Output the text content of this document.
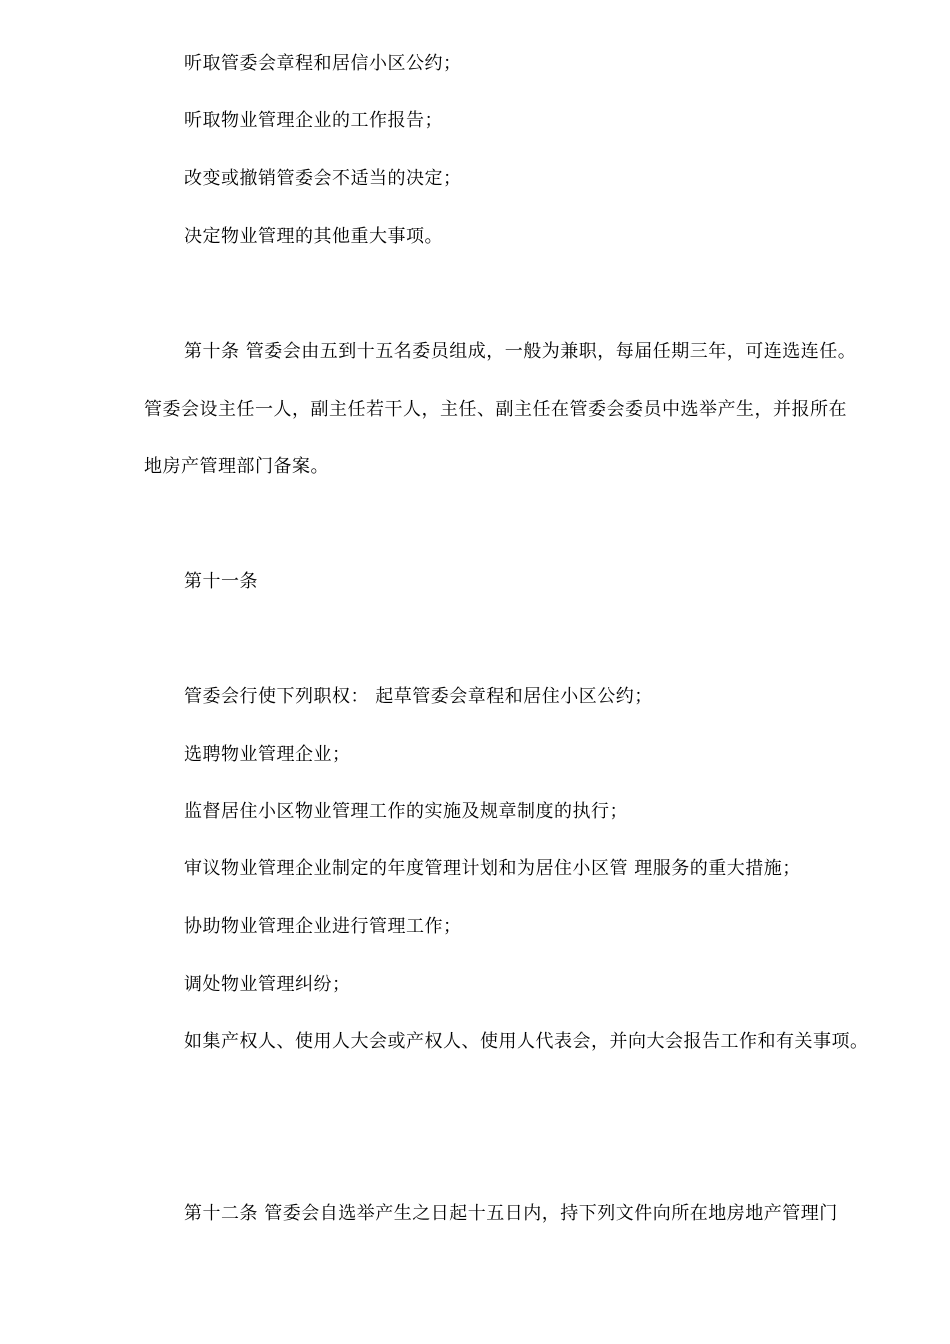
听取管委会章程和居信小区公约；
听取物业管理企业的工作报告；
改变或撤销管委会不适当的决定；
决定物业管理的其他重大事项。
第十条 管委会由五到十五名委员组成，一般为兼职，每届任期三年，可连选连任。
管委会设主任一人，副主任若干人，主任、副主任在管委会委员中选举产生，并报所在
地房产管理部门备案。
第十一条
管委会行使下列职权： 起草管委会章程和居住小区公约；
选聘物业管理企业；
监督居住小区物业管理工作的实施及规章制度的执行；
审议物业管理企业制定的年度管理计划和为居住小区管 理服务的重大措施；
协助物业管理企业进行管理工作；
调处物业管理纠纷；
如集产权人、使用人大会或产权人、使用人代表会，并向大会报告工作和有关事项。
第十二条 管委会自选举产生之日起十五日内，持下列文件向所在地房地产管理门
